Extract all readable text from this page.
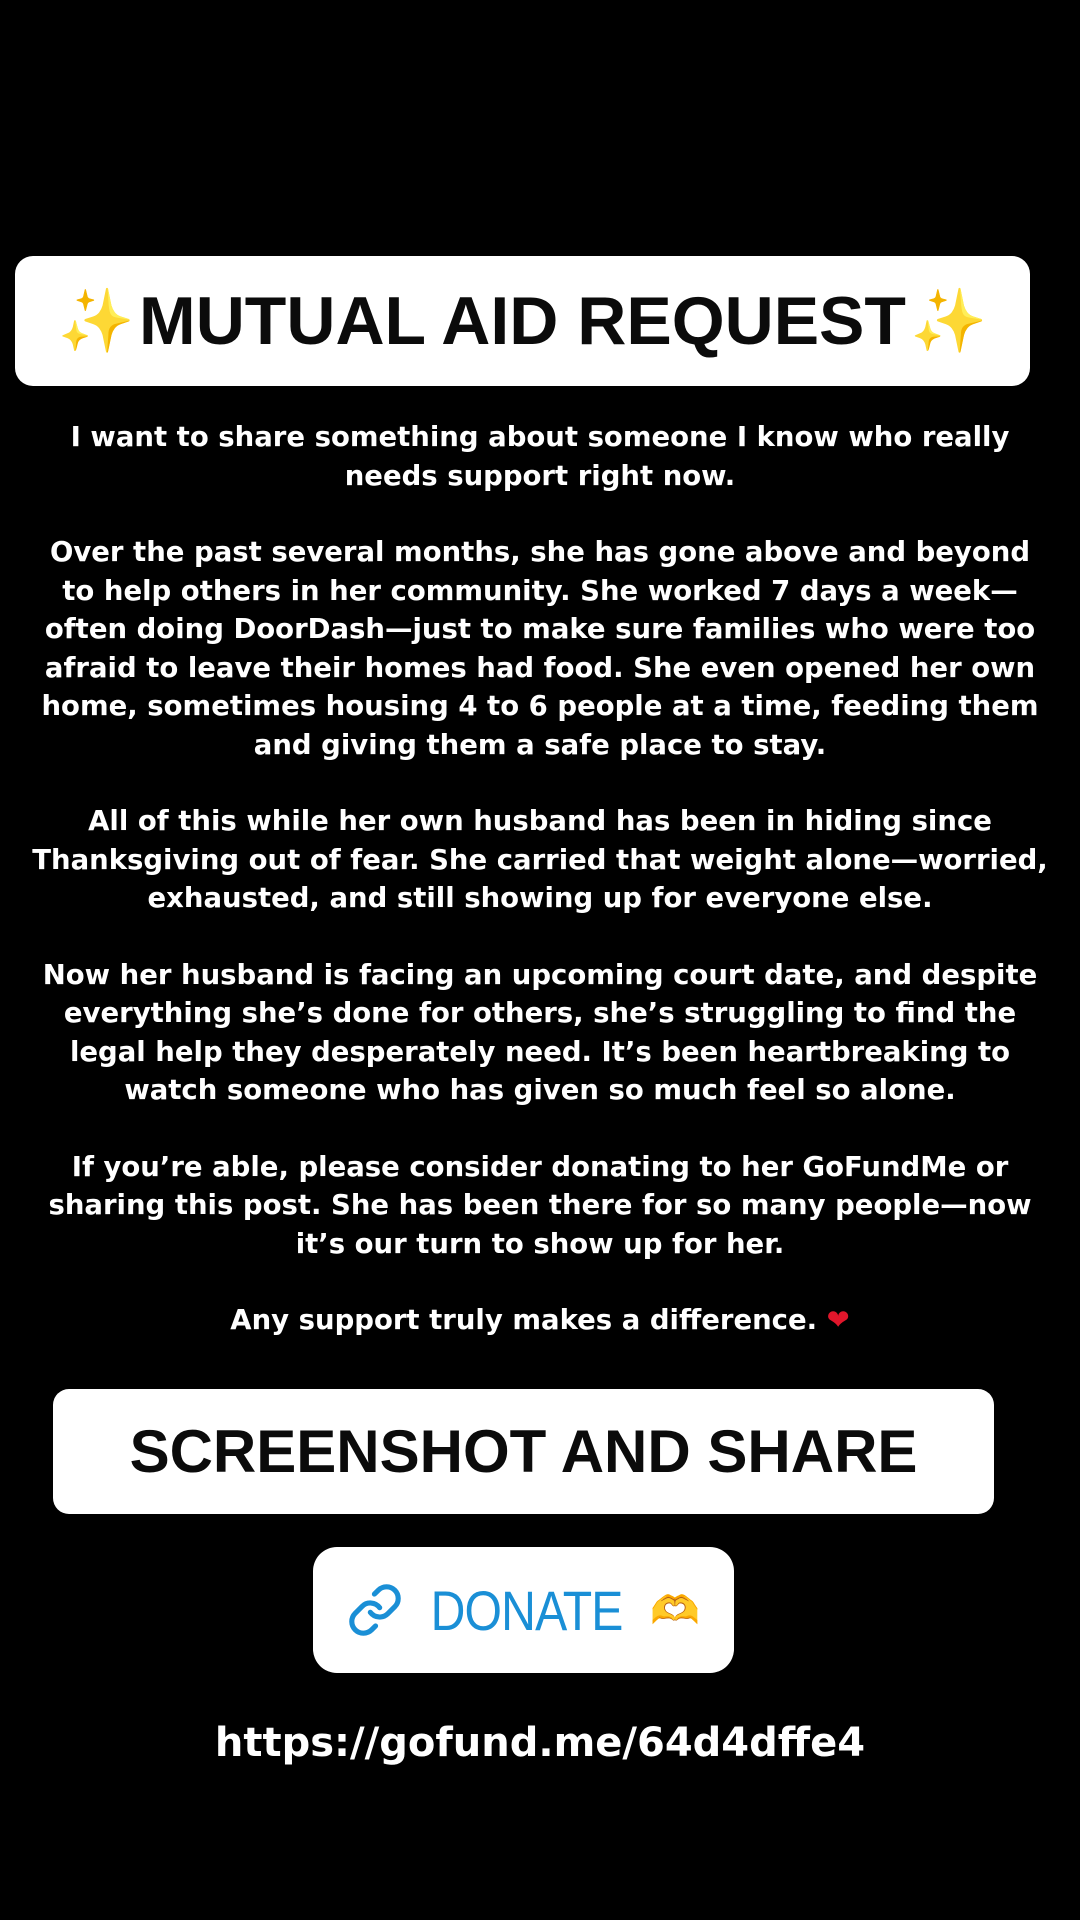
✨ MUTUAL AID REQUEST ✨

I want to share something about someone I know who really needs support right now.

Over the past several months, she has gone above and beyond to help others in her community. She worked 7 days a week—often doing DoorDash—just to make sure families who were too afraid to leave their homes had food. She even opened her own home, sometimes housing 4 to 6 people at a time, feeding them and giving them a safe place to stay.

All of this while her own husband has been in hiding since Thanksgiving out of fear. She carried that weight alone—worried, exhausted, and still showing up for everyone else.

Now her husband is facing an upcoming court date, and despite everything she’s done for others, she’s struggling to find the legal help they desperately need. It’s been heartbreaking to watch someone who has given so much feel so alone.

If you’re able, please consider donating to her GoFundMe or sharing this post. She has been there for so many people—now it’s our turn to show up for her.

Any support truly makes a difference. ❤

SCREENSHOT AND SHARE
DONATE 🫶
https://gofund.me/64d4dffe4
